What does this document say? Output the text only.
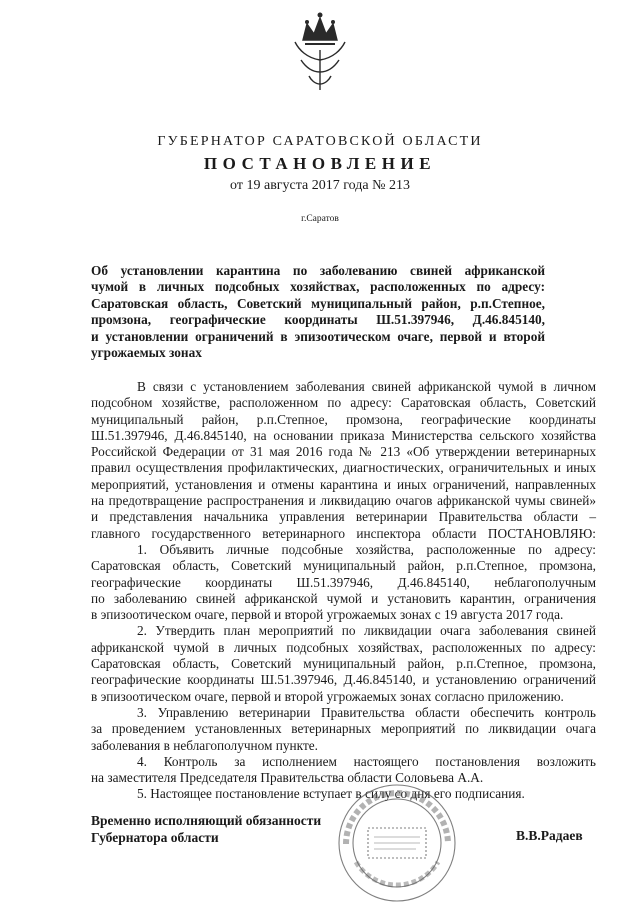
ГУБЕРНАТОР САРАТОВСКОЙ ОБЛАСТИ
ПОСТАНОВЛЕНИЕ
от 19 августа 2017 года № 213
г.Саратов
Об установлении карантина по заболеванию свиней африканской
чумой в личных подсобных хозяйствах, расположенных по адресу:
Саратовская область, Советский муниципальный район, р.п.Степное,
промзона, географические координаты Ш.51.397946, Д.46.845140,
и установлении ограничений в эпизоотическом очаге, первой и второй
угрожаемых зонах

В связи с установлением заболевания свиней африканской чумой в личном
подсобном хозяйстве, расположенном по адресу: Саратовская область, Советский
муниципальный район, р.п.Степное, промзона, географические координаты
Ш.51.397946, Д.46.845140, на основании приказа Министерства сельского хозяйства
Российской Федерации от 31 мая 2016 года № 213 «Об утверждении ветеринарных
правил осуществления профилактических, диагностических, ограничительных и иных
мероприятий, установления и отмены карантина и иных ограничений, направленных
на предотвращение распространения и ликвидацию очагов африканской чумы свиней»
и представления начальника управления ветеринарии Правительства области –
главного государственного ветеринарного инспектора области ПОСТАНОВЛЯЮ:

1. Объявить личные подсобные хозяйства, расположенные по адресу:
Саратовская область, Советский муниципальный район, р.п.Степное, промзона,
географические координаты Ш.51.397946, Д.46.845140, неблагополучным
по заболеванию свиней африканской чумой и установить карантин, ограничения
в эпизоотическом очаге, первой и второй угрожаемых зонах с 19 августа 2017 года.

2. Утвердить план мероприятий по ликвидации очага заболевания свиней
африканской чумой в личных подсобных хозяйствах, расположенных по адресу:
Саратовская область, Советский муниципальный район, р.п.Степное, промзона,
географические координаты Ш.51.397946, Д.46.845140, и установлению ограничений
в эпизоотическом очаге, первой и второй угрожаемых зонах согласно приложению.

3. Управлению ветеринарии Правительства области обеспечить контроль
за проведением установленных ветеринарных мероприятий по ликвидации очага
заболевания в неблагополучном пункте.

4. Контроль за исполнением настоящего постановления возложить
на заместителя Председателя Правительства области Соловьева А.А.

5. Настоящее постановление вступает в силу со дня его подписания.

Временно исполняющий обязанности
Губернатора области	В.В.Радаев
